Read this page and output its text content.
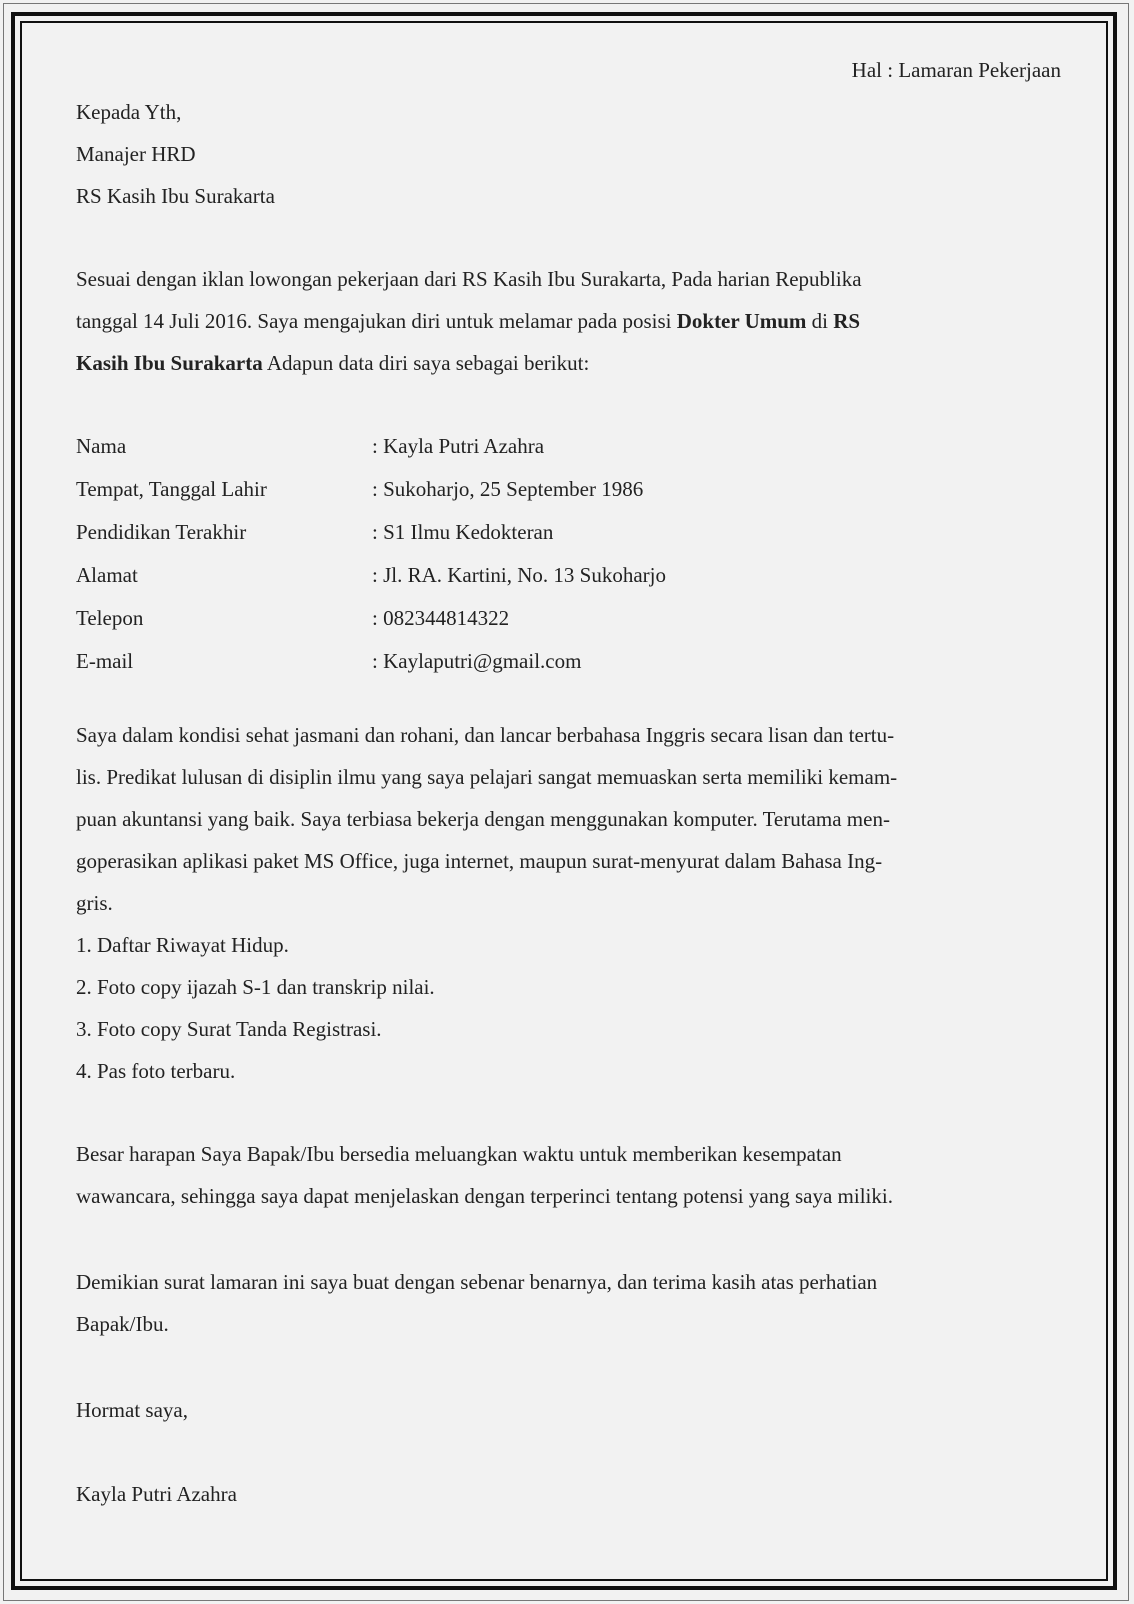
Hal : Lamaran Pekerjaan
Kepada Yth,
Manajer HRD
RS Kasih Ibu Surakarta
Sesuai dengan iklan lowongan pekerjaan dari RS Kasih Ibu Surakarta, Pada harian Republika
tanggal 14 Juli 2016. Saya mengajukan diri untuk melamar pada posisi Dokter Umum di RS
Kasih Ibu Surakarta Adapun data diri saya sebagai berikut:
Nama	: Kayla Putri Azahra
Tempat, Tanggal Lahir	: Sukoharjo, 25 September 1986
Pendidikan Terakhir	: S1 Ilmu Kedokteran
Alamat	: Jl. RA. Kartini, No. 13 Sukoharjo
Telepon	: 082344814322
E-mail	: Kaylaputri@gmail.com
Saya dalam kondisi sehat jasmani dan rohani, dan lancar berbahasa Inggris secara lisan dan tertu-
lis. Predikat lulusan di disiplin ilmu yang saya pelajari sangat memuaskan serta memiliki kemam-
puan akuntansi yang baik. Saya terbiasa bekerja dengan menggunakan komputer. Terutama men-
goperasikan aplikasi paket MS Office, juga internet, maupun surat-menyurat dalam Bahasa Ing-
gris.
1. Daftar Riwayat Hidup.
2. Foto copy ijazah S-1 dan transkrip nilai.
3. Foto copy Surat Tanda Registrasi.
4. Pas foto terbaru.
Besar harapan Saya Bapak/Ibu bersedia meluangkan waktu untuk memberikan kesempatan
wawancara, sehingga saya dapat menjelaskan dengan terperinci tentang potensi yang saya miliki.
Demikian surat lamaran ini saya buat dengan sebenar benarnya, dan terima kasih atas perhatian
Bapak/Ibu.
Hormat saya,
Kayla Putri Azahra
